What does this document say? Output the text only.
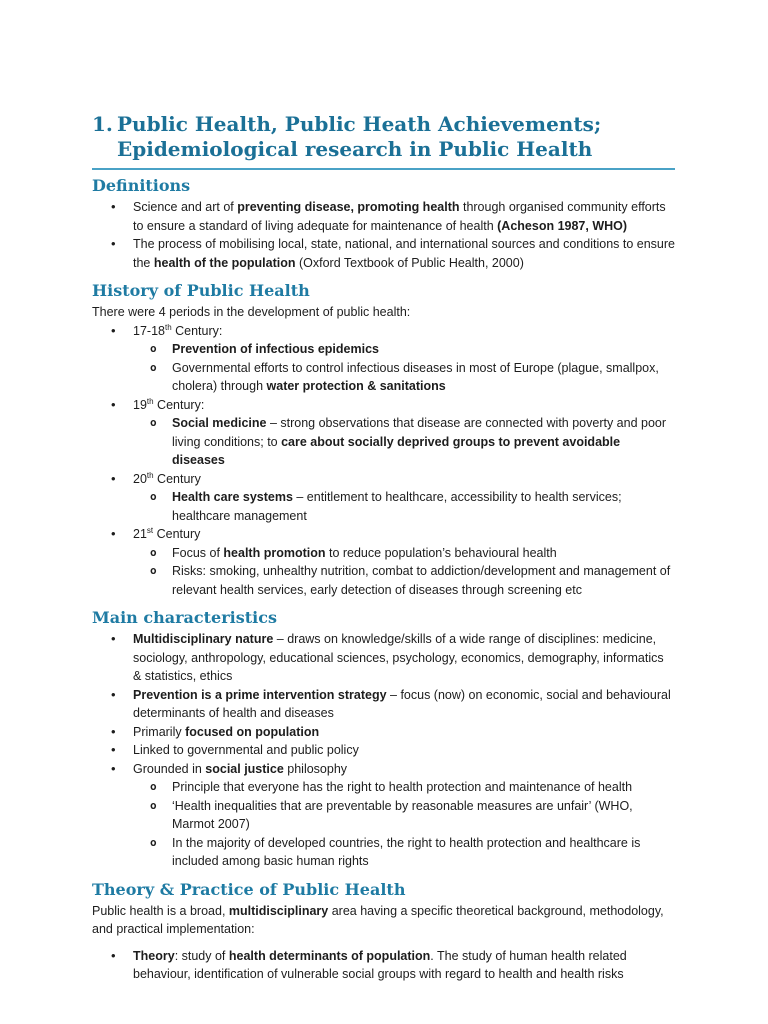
1. Public Health, Public Heath Achievements;
Epidemiological research in Public Health
Definitions
• Science and art of preventing disease, promoting health through organised community efforts to ensure a standard of living adequate for maintenance of health (Acheson 1987, WHO)
• The process of mobilising local, state, national, and international sources and conditions to ensure the health of the population (Oxford Textbook of Public Health, 2000)
History of Public Health

There were 4 periods in the development of public health:

• 17-18th Century:
o Prevention of infectious epidemics
o Governmental efforts to control infectious diseases in most of Europe (plague, smallpox, cholera) through water protection & sanitations
• 19th Century:
o Social medicine – strong observations that disease are connected with poverty and poor living conditions; to care about socially deprived groups to prevent avoidable diseases
• 20th Century
o Health care systems – entitlement to healthcare, accessibility to health services; healthcare management
• 21st Century
o Focus of health promotion to reduce population’s behavioural health
o Risks: smoking, unhealthy nutrition, combat to addiction/development and management of relevant health services, early detection of diseases through screening etc
Main characteristics
• Multidisciplinary nature – draws on knowledge/skills of a wide range of disciplines: medicine, sociology, anthropology, educational sciences, psychology, economics, demography, informatics & statistics, ethics
• Prevention is a prime intervention strategy – focus (now) on economic, social and behavioural determinants of health and diseases
• Primarily focused on population
• Linked to governmental and public policy
• Grounded in social justice philosophy
o Principle that everyone has the right to health protection and maintenance of health
o ‘Health inequalities that are preventable by reasonable measures are unfair’ (WHO, Marmot 2007)
o In the majority of developed countries, the right to health protection and healthcare is included among basic human rights
Theory & Practice of Public Health

Public health is a broad, multidisciplinary area having a specific theoretical background, methodology, and practical implementation:

• Theory: study of health determinants of population. The study of human health related behaviour, identification of vulnerable social groups with regard to health and health risks
